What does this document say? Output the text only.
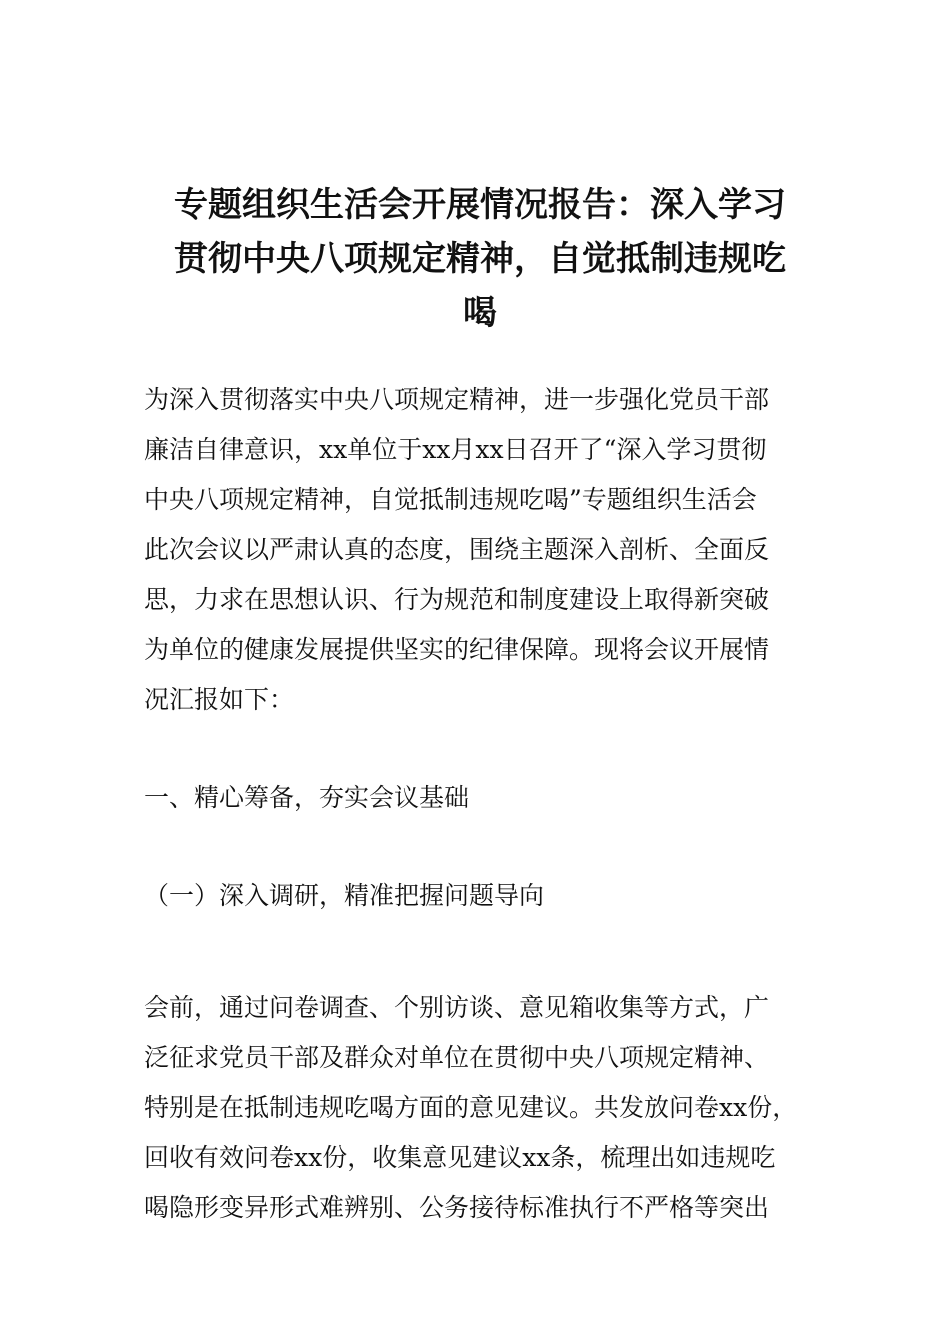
专题组织生活会开展情况报告：深入学习
贯彻中央八项规定精神，自觉抵制违规吃
喝
为深入贯彻落实中央八项规定精神，进一步强化党员干部
廉洁自律意识，xx单位于xx月xx日召开了“深入学习贯彻
中央八项规定精神，自觉抵制违规吃喝”专题组织生活会
此次会议以严肃认真的态度，围绕主题深入剖析、全面反
思，力求在思想认识、行为规范和制度建设上取得新突破
为单位的健康发展提供坚实的纪律保障。现将会议开展情
况汇报如下：
一、精心筹备，夯实会议基础
（一）深入调研，精准把握问题导向
会前，通过问卷调查、个别访谈、意见箱收集等方式，广
泛征求党员干部及群众对单位在贯彻中央八项规定精神、
特别是在抵制违规吃喝方面的意见建议。共发放问卷xx份，
回收有效问卷xx份，收集意见建议xx条，梳理出如违规吃
喝隐形变异形式难辨别、公务接待标准执行不严格等突出
